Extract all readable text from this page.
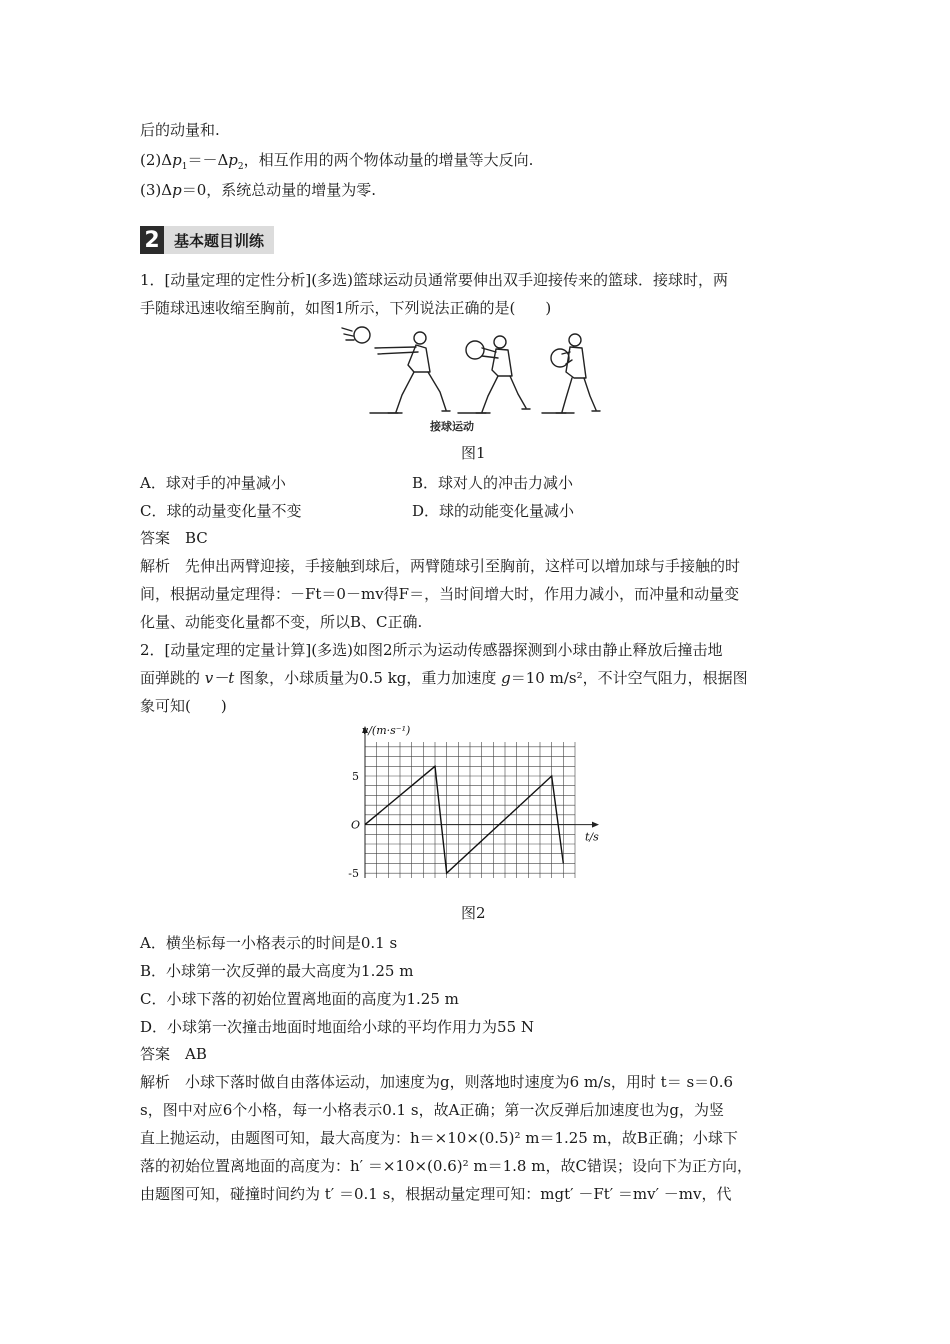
后的动量和.
$(2)\Delta p_1=-\Delta p_2$，相互作用的两个物体动量的增量等大反向.
(3)Δp＝0，系统总动量的增量为零.
2 基本题目训练
1．[动量定理的定性分析](多选)篮球运动员通常要伸出双手迎接传来的篮球．接球时，两
手随球迅速收缩至胸前，如图1所示，下列说法正确的是(　　)
接球运动
图1
A．球对手的冲量减小	B．球对人的冲击力减小
C．球的动量变化量不变	D．球的动能变化量减小
答案　BC
解析　先伸出两臂迎接，手接触到球后，两臂随球引至胸前，这样可以增加球与手接触的时
间，根据动量定理得：－Ft＝0－mv得F＝，当时间增大时，作用力减小，而冲量和动量变
化量、动能变化量都不变，所以B、C正确.
2．[动量定理的定量计算](多选)如图2所示为运动传感器探测到小球由静止释放后撞击地
面弹跳的 v－t 图象，小球质量为0.5 kg，重力加速度 g＝10 m/s²，不计空气阻力，根据图
象可知(　　)
v/(m·s⁻¹)
t/s
O
5
-5
图2
A．横坐标每一小格表示的时间是0.1 s
B．小球第一次反弹的最大高度为1.25 m
C．小球下落的初始位置离地面的高度为1.25 m
D．小球第一次撞击地面时地面给小球的平均作用力为55 N
答案　AB
解析　小球下落时做自由落体运动，加速度为g，则落地时速度为6 m/s，用时 t＝ s＝0.6
s，图中对应6个小格，每一小格表示0.1 s，故A正确；第一次反弹后加速度也为g，为竖
直上抛运动，由题图可知，最大高度为：h＝×10×(0.5)² m＝1.25 m，故B正确；小球下
落的初始位置离地面的高度为：h′ ＝×10×(0.6)² m＝1.8 m，故C错误；设向下为正方向，
由题图可知，碰撞时间约为 t′ ＝0.1 s，根据动量定理可知：mgt′ －Ft′ ＝mv′ －mv，代
